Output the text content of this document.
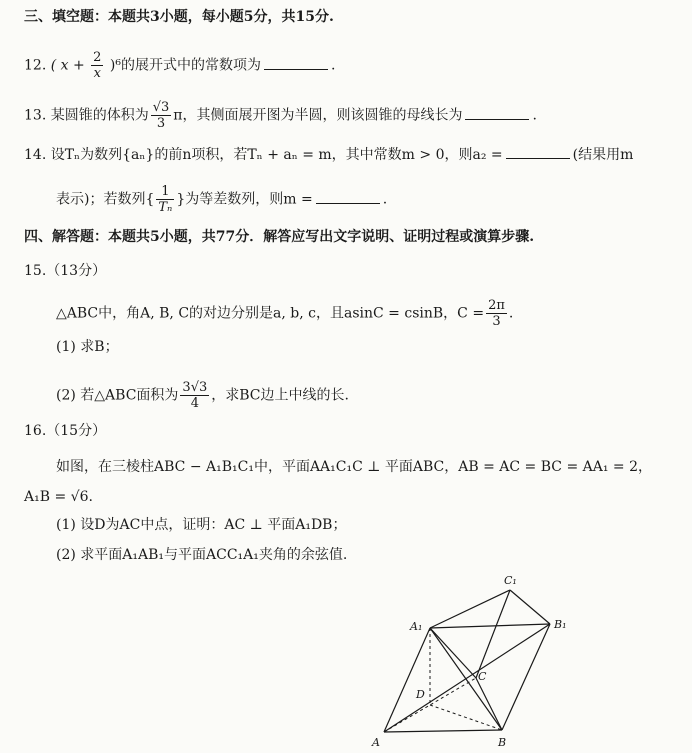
三、填空题：本题共3小题，每小题5分，共15分.
12. ( $x + \frac{2}{x} )^6$的展开式中的常数项为	.
13. 某圆锥的体积为 $\frac{√3}{3}$ π，其侧面展开图为半圆，则该圆锥的母线长为	.
14. 设Tₙ为数列{aₙ}的前n项积，若Tₙ + aₙ = m，其中常数m > 0，则a₂ =	(结果用m
表示)；若数列{ $\frac{1}{\text{Tₙ}}$ }为等差数列，则m =	.
四、解答题：本题共5小题，共77分．解答应写出文字说明、证明过程或演算步骤.
15.（13分）
△ABC中，角A, B, C的对边分别是a, b, c，且asinC = csinB，$C = \frac{2\pi}{3}$ .
(1) 求B；
(2) 若△ABC面积为 $\frac{3√3}{4}$ ，求BC边上中线的长.
16.（15分）
如图，在三棱柱ABC − A₁B₁C₁中，平面AA₁C₁C ⊥ 平面ABC，AB = AC = BC = AA₁ = 2，
A₁B = √6.
(1) 设D为AC中点，证明：AC ⊥ 平面A₁DB；
(2) 求平面A₁AB₁与平面ACC₁A₁夹角的余弦值.
A	B
C
D
A₁	B₁
C₁
